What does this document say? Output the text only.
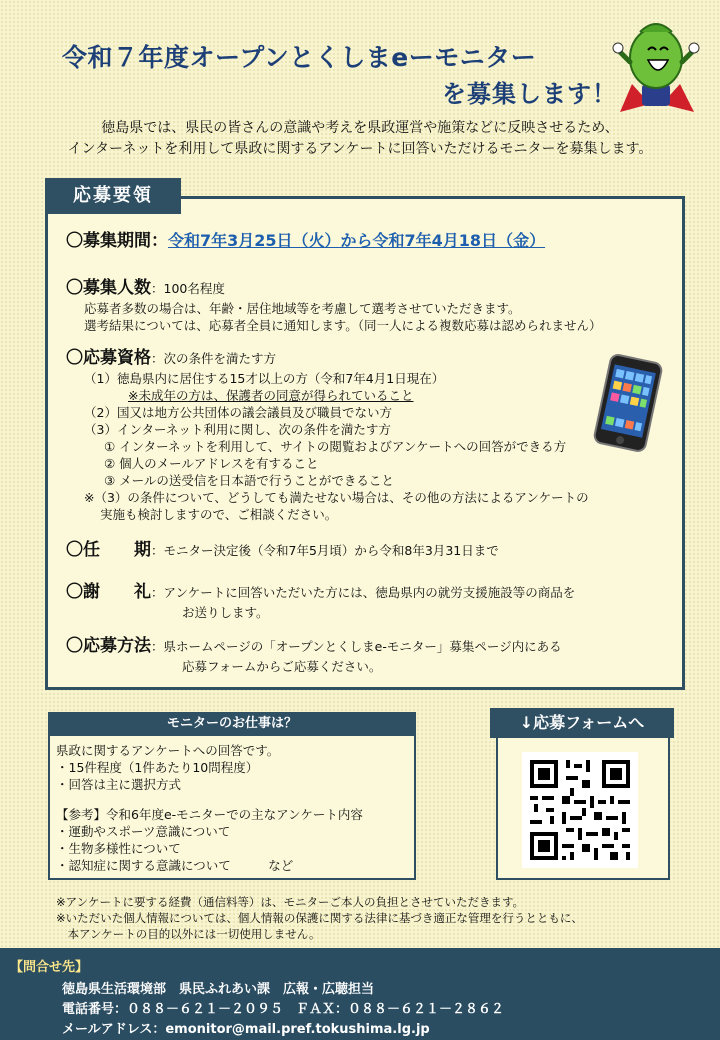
令和７年度オープンとくしまeーモニター
を募集します！
徳島県では、県民の皆さんの意識や考えを県政運営や施策などに反映させるため、
インターネットを利用して県政に関するアンケートに回答いただけるモニターを募集します。
応募要領
〇募集期間：令和7年3月25日（火）から令和7年4月18日（金）
〇募集人数：100名程度
応募者多数の場合は、年齢・居住地域等を考慮して選考させていただきます。
選考結果については、応募者全員に通知します。（同一人による複数応募は認められません）
〇応募資格：次の条件を満たす方
（1）徳島県内に居住する15才以上の方（令和7年4月1日現在）
※未成年の方は、保護者の同意が得られていること
（2）国又は地方公共団体の議会議員及び職員でない方
（3）インターネット利用に関し、次の条件を満たす方
① インターネットを利用して、サイトの閲覧およびアンケートへの回答ができる方
② 個人のメールアドレスを有すること
③ メールの送受信を日本語で行うことができること
※（3）の条件について、どうしても満たせない場合は、その他の方法によるアンケートの
実施も検討しますので、ご相談ください。
〇任　　期：モニター決定後（令和7年5月頃）から令和8年3月31日まで
〇謝　　礼：アンケートに回答いただいた方には、徳島県内の就労支援施設等の商品を
お送りします。
〇応募方法：県ホームページの「オープンとくしまe-モニター」募集ページ内にある
応募フォームからご応募ください。
モニターのお仕事は？
県政に関するアンケートへの回答です。
・15件程度（1件あたり10問程度）
・回答は主に選択方式
【参考】令和6年度e-モニターでの主なアンケート内容
・運動やスポーツ意識について
・生物多様性について
・認知症に関する意識について　　　など
↓応募フォームへ
※アンケートに要する経費（通信料等）は、モニターご本人の負担とさせていただきます。
※いただいた個人情報については、個人情報の保護に関する法律に基づき適正な管理を行うとともに、
　本アンケートの目的以外には一切使用しません。
【問合せ先】
徳島県生活環境部　県民ふれあい課　広報・広聴担当
電話番号：０８８－６２１－２０９５　ＦＡＸ：０８８－６２１－２８６２
メールアドレス：emonitor@mail.pref.tokushima.lg.jp
